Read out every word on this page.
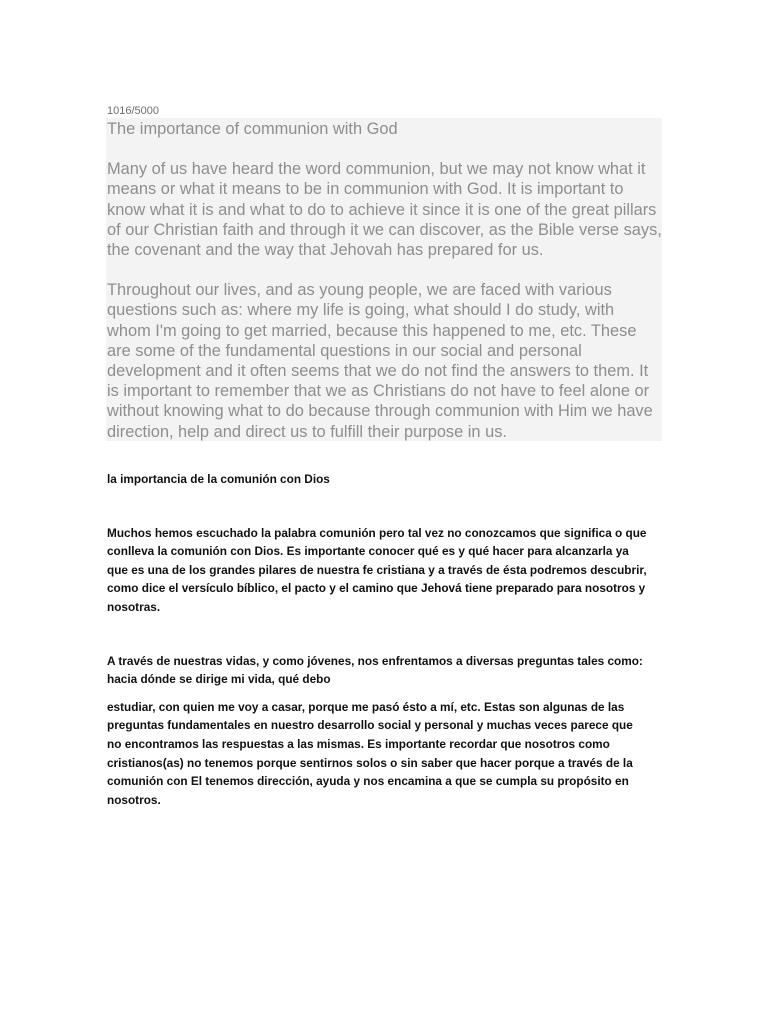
1016/5000

The importance of communion with God

Many of us have heard the word communion, but we may not know what it means or what it means to be in communion with God. It is important to know what it is and what to do to achieve it since it is one of the great pillars of our Christian faith and through it we can discover, as the Bible verse says, the covenant and the way that Jehovah has prepared for us.

Throughout our lives, and as young people, we are faced with various questions such as: where my life is going, what should I do study, with whom I'm going to get married, because this happened to me, etc. These are some of the fundamental questions in our social and personal development and it often seems that we do not find the answers to them. It is important to remember that we as Christians do not have to feel alone or without knowing what to do because through communion with Him we have direction, help and direct us to fulfill their purpose in us.

la importancia de la comunión con Dios

Muchos hemos escuchado la palabra comunión pero tal vez no conozcamos que significa o que conlleva la comunión con Dios. Es importante conocer qué es y qué hacer para alcanzarla ya que es una de los grandes pilares de nuestra fe cristiana y a través de ésta podremos descubrir, como dice el versículo bíblico, el pacto y el camino que Jehová tiene preparado para nosotros y nosotras.

A través de nuestras vidas, y como jóvenes, nos enfrentamos a diversas preguntas tales como: hacia dónde se dirige mi vida, qué debo

estudiar, con quien me voy a casar, porque me pasó ésto a mí, etc. Estas son algunas de las preguntas fundamentales en nuestro desarrollo social y personal y muchas veces parece que no encontramos las respuestas a las mismas. Es importante recordar que nosotros como cristianos(as) no tenemos porque sentirnos solos o sin saber que hacer porque a través de la comunión con El tenemos dirección, ayuda y nos encamina a que se cumpla su propósito en nosotros.
